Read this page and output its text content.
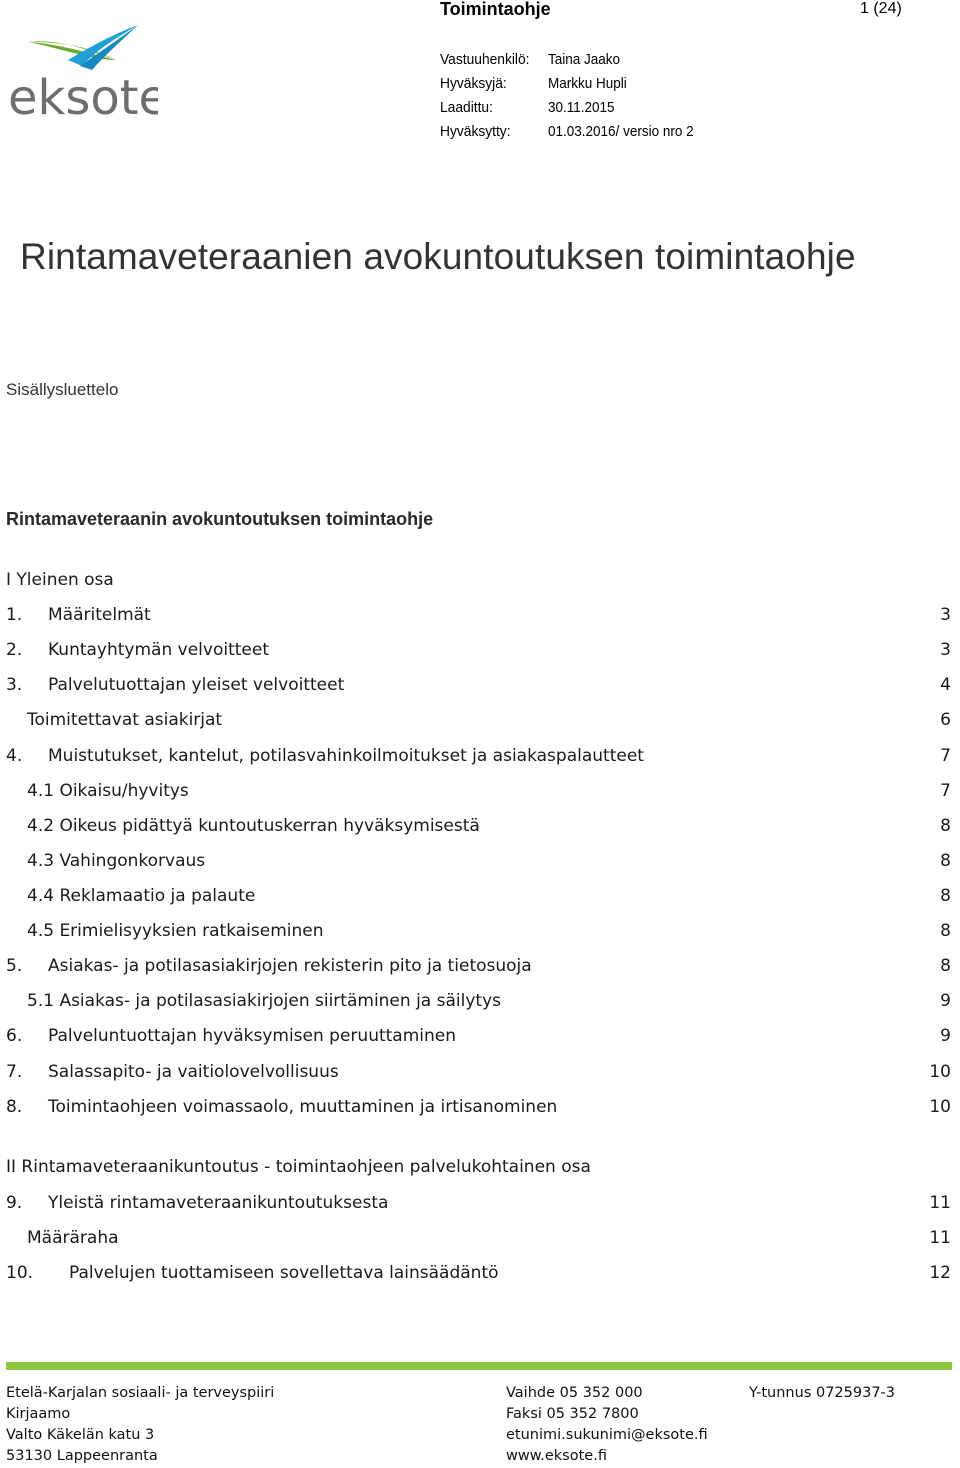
Toimintaohje	1 (24)
Vastuuhenkilö: Taina Jaako
Hyväksyjä:	Markku Hupli
Laadittu:	30.11.2015
Hyväksytty: 01.03.2016/ versio nro 2
eksote
Rintamaveteraanien avokuntoutuksen toimintaohje
Sisällysluettelo
Rintamaveteraanin avokuntoutuksen toimintaohje
I Yleinen osa
1. Määritelmät	3
2. Kuntayhtymän velvoitteet	3
3. Palvelutuottajan yleiset velvoitteet	4
Toimitettavat asiakirjat	6
4. Muistutukset, kantelut, potilasvahinkoilmoitukset ja asiakaspalautteet	7
4.1 Oikaisu/hyvitys	7
4.2 Oikeus pidättyä kuntoutuskerran hyväksymisestä	8
4.3 Vahingonkorvaus	8
4.4 Reklamaatio ja palaute	8
4.5 Erimielisyyksien ratkaiseminen	8
5. Asiakas- ja potilasasiakirjojen rekisterin pito ja tietosuoja	8
5.1 Asiakas- ja potilasasiakirjojen siirtäminen ja säilytys	9
6. Palveluntuottajan hyväksymisen peruuttaminen	9
7. Salassapito- ja vaitiolovelvollisuus	10
8. Toimintaohjeen voimassaolo, muuttaminen ja irtisanominen	10
II Rintamaveteraanikuntoutus - toimintaohjeen palvelukohtainen osa
9. Yleistä rintamaveteraanikuntoutuksesta	11
Määräraha	11
10. Palvelujen tuottamiseen sovellettava lainsäädäntö	12
Etelä-Karjalan sosiaali- ja terveyspiiri
Kirjaamo
Valto Käkelän katu 3
53130 Lappeenranta
Vaihde 05 352 000
Faksi 05 352 7800
etunimi.sukunimi@eksote.fi
www.eksote.fi
Y-tunnus 0725937-3
